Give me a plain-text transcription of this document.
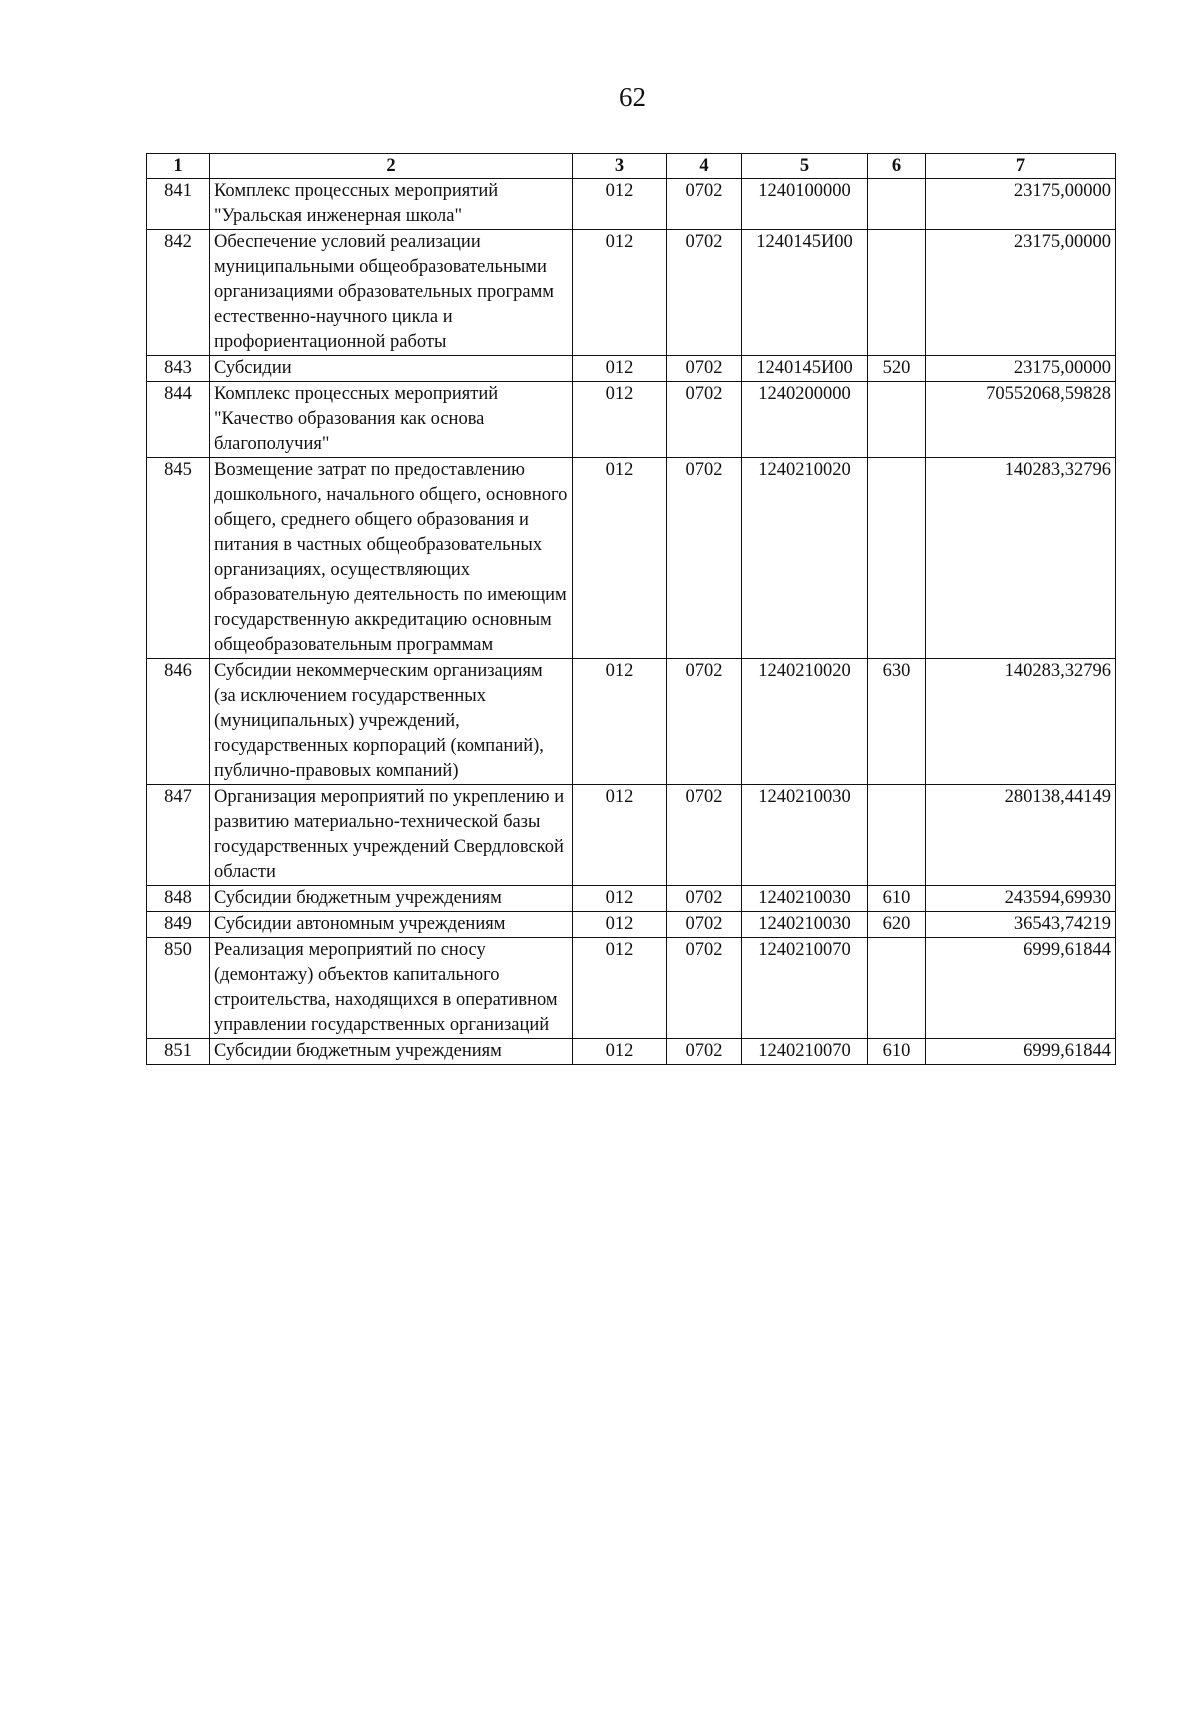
62
1	2	3	4	5	6	7
841	Комплекс процессных мероприятий "Уральская инженерная школа"	012	0702	1240100000		23175,00000
842	Обеспечение условий реализации муниципальными общеобразовательными организациями образовательных программ естественно-научного цикла и профориентационной работы	012	0702	1240145И00		23175,00000
843	Субсидии	012	0702	1240145И00	520	23175,00000
844	Комплекс процессных мероприятий "Качество образования как основа благополучия"	012	0702	1240200000		70552068,59828
845	Возмещение затрат по предоставлению дошкольного, начального общего, основного общего, среднего общего образования и питания в частных общеобразовательных организациях, осуществляющих образовательную деятельность по имеющим государственную аккредитацию основным общеобразовательным программам	012	0702	1240210020		140283,32796
846	Субсидии некоммерческим организациям (за исключением государственных (муниципальных) учреждений, государственных корпораций (компаний), публично-правовых компаний)	012	0702	1240210020	630	140283,32796
847	Организация мероприятий по укреплению и развитию материально-технической базы государственных учреждений Свердловской области	012	0702	1240210030		280138,44149
848	Субсидии бюджетным учреждениям	012	0702	1240210030	610	243594,69930
849	Субсидии автономным учреждениям	012	0702	1240210030	620	36543,74219
850	Реализация мероприятий по сносу (демонтажу) объектов капитального строительства, находящихся в оперативном управлении государственных организаций	012	0702	1240210070		6999,61844
851	Субсидии бюджетным учреждениям	012	0702	1240210070	610	6999,61844
